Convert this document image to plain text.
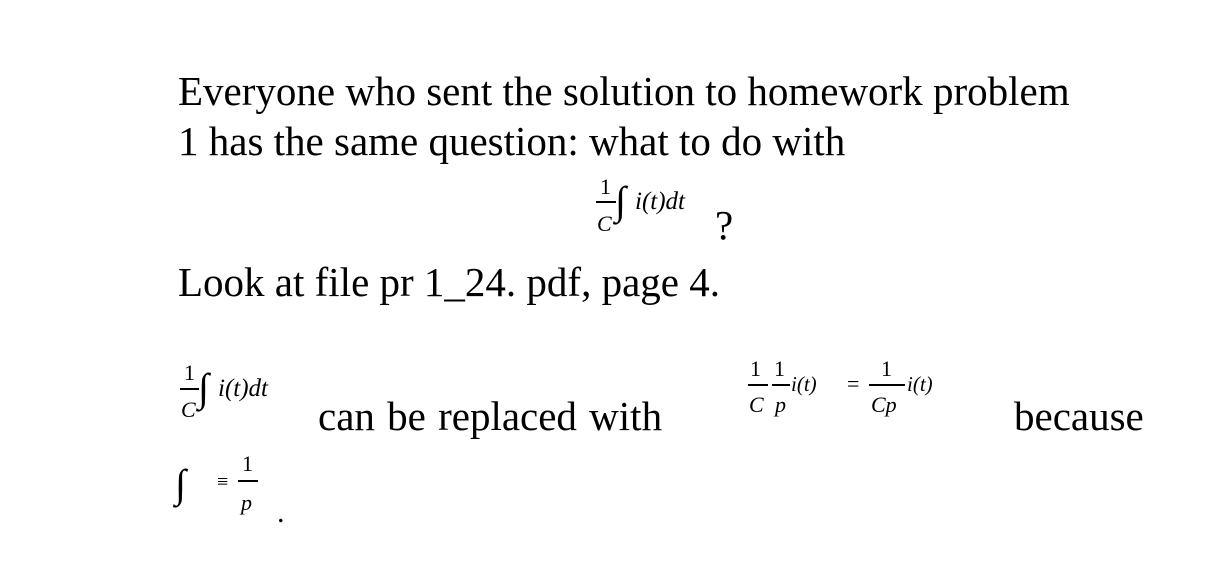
Everyone who sent the solution to homework problem
1 has the same question: what to do with
1
C
∫ i(t)dt
?
Look at file pr 1_24. pdf, page 4.
1
C ∫ i(t)dt
can be replaced with
1
C
1
p
i(t) =
1
Cp
i(t)
because
∫ ≡
1
p .
